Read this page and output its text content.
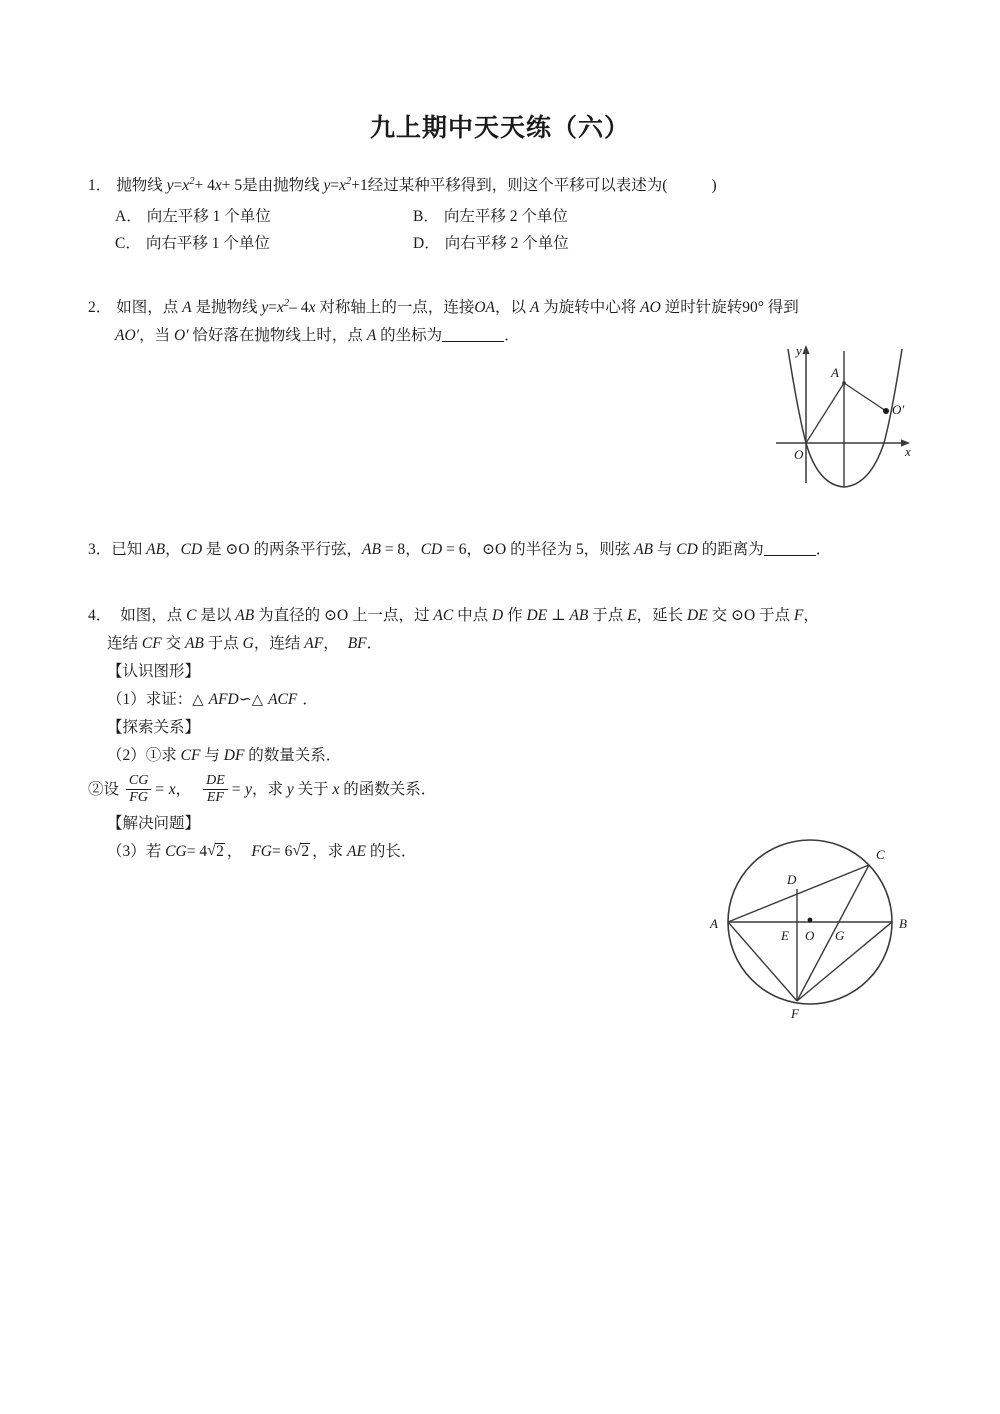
九上期中天天练（六）
1． 抛物线 $y=x^2+ 4x+ 5$是由抛物线 $y=x^2+1$经过某种平移得到，则这个平移可以表述为(	)
A． 向左平移 1 个单位	B． 向左平移 2 个单位
C． 向右平移 1 个单位	D． 向右平移 2 个单位
2． 如图，点 A 是抛物线 $y=x^2-$ 4x 对称轴上的一点，连接OA，以 A 为旋转中心将 AO 逆时针旋转90° 得到
AO′，当 O′ 恰好落在抛物线上时，点 A 的坐标为	．
y
x
O
A
O′
3．已知 AB，CD 是 ⊙O 的两条平行弦，AB = 8，CD = 6，⊙O 的半径为 5，则弦 AB 与 CD 的距离为	．
4． 如图，点 C 是以 AB 为直径的 ⊙O 上一点，过 AC 中点 D 作 DE ⊥ AB 于点 E，延长 DE 交 ⊙O 于点 F，
连结 CF 交 AB 于点 G，连结 AF， BF．
【认识图形】
（1）求证：△ AFD∽△ ACF ．
【探索关系】
（2）①求 CF 与 DF 的数量关系．
②设 $\frac{CG}{FG} = x$， $\frac{DE}{EF} = y$，求 y 关于 x 的函数关系．
【解决问题】
（3）若 CG= 4 √ 2 ， FG= 6 √ 2 ，求 AE 的长．
A	B
C
D
E O G
F
